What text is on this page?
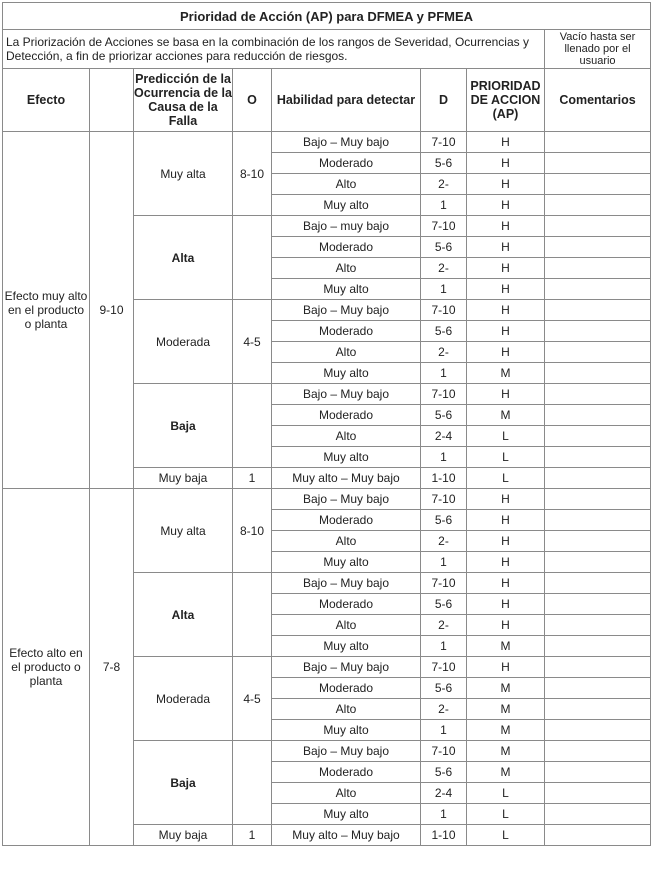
Prioridad de Acción (AP) para DFMEA y PFMEA							
La Priorización de Acciones se basa en la combinación de los rangos de Severidad, Ocurrencias y Detección, a fin de priorizar acciones para reducción de riesgos.							Vacío hasta ser llenado por el usuario
Efecto		Predicción de la Ocurrencia de la Causa de la Falla	O	Habilidad para detectar	D	PRIORIDAD DE ACCION (AP)	Comentarios
Efecto muy alto en el producto o planta	9-10	Muy alta	8-10	Bajo – Muy bajo	7-10	H	
				Moderado	5-6	H	
				Alto	2-	H	
				Muy alto	1	H	
		Alta		Bajo – muy bajo	7-10	H	
				Moderado	5-6	H	
				Alto	2-	H	
				Muy alto	1	H	
		Moderada	4-5	Bajo – Muy bajo	7-10	H	
				Moderado	5-6	H	
				Alto	2-	H	
				Muy alto	1	M	
		Baja		Bajo – Muy bajo	7-10	H	
				Moderado	5-6	M	
				Alto	2-4	L	
				Muy alto	1	L	
		Muy baja	1	Muy alto – Muy bajo	1-10	L	
Efecto alto en el producto o planta	7-8	Muy alta	8-10	Bajo – Muy bajo	7-10	H	
				Moderado	5-6	H	
				Alto	2-	H	
				Muy alto	1	H	
		Alta		Bajo – Muy bajo	7-10	H	
				Moderado	5-6	H	
				Alto	2-	H	
				Muy alto	1	M	
		Moderada	4-5	Bajo – Muy bajo	7-10	H	
				Moderado	5-6	M	
				Alto	2-	M	
				Muy alto	1	M	
		Baja		Bajo – Muy bajo	7-10	M	
				Moderado	5-6	M	
				Alto	2-4	L	
				Muy alto	1	L	
		Muy baja	1	Muy alto – Muy bajo	1-10	L	
